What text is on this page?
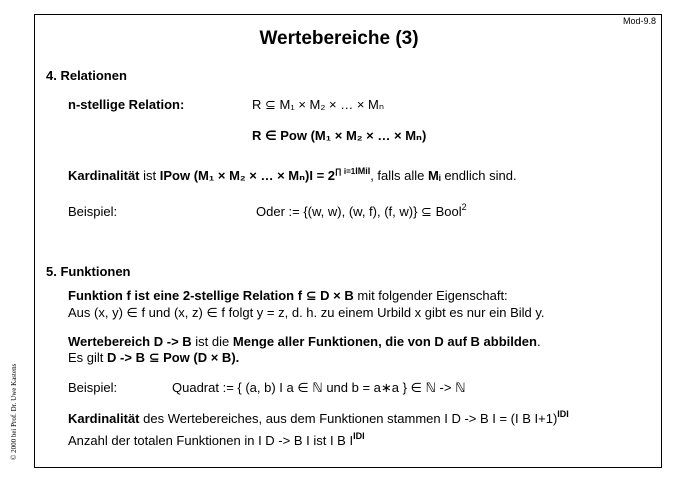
Mod-9.8
Wertebereiche (3)
© 2000 bei Prof. Dr. Uwe Kastens
4. Relationen
n-stellige Relation:	R ⊆ M₁ × M₂ × … × Mₙ
R ∈ Pow (M₁ × M₂ × … × Mₙ)
Kardinalität ist IPow (M₁ × M₂ × … × Mₙ)I = 2∏ $i=1^{IMiI}$, falls alle Mᵢ endlich sind.
Beispiel:	Oder := {(w, w), (w, f), (f, w)} ⊆ Bool$^2$
5. Funktionen
Funktion f ist eine 2-stellige Relation f ⊆ D × B mit folgender Eigenschaft:
Aus (x, y) ∈ f und (x, z) ∈ f folgt y = z, d. h. zu einem Urbild x gibt es nur ein Bild y.
Wertebereich D -> B ist die Menge aller Funktionen, die von D auf B abbilden.
Es gilt D -> B ⊆ Pow (D × B).
Beispiel:	Quadrat := { (a, b) I a ∈ ℕ und b = a∗a } ∈ ℕ -> ℕ
Kardinalität des Wertebereiches, aus dem Funktionen stammen I D -> B I = (I B I+1)$^{IDI}$
Anzahl der totalen Funktionen in I D -> B I ist I B $I^{IDI}$
